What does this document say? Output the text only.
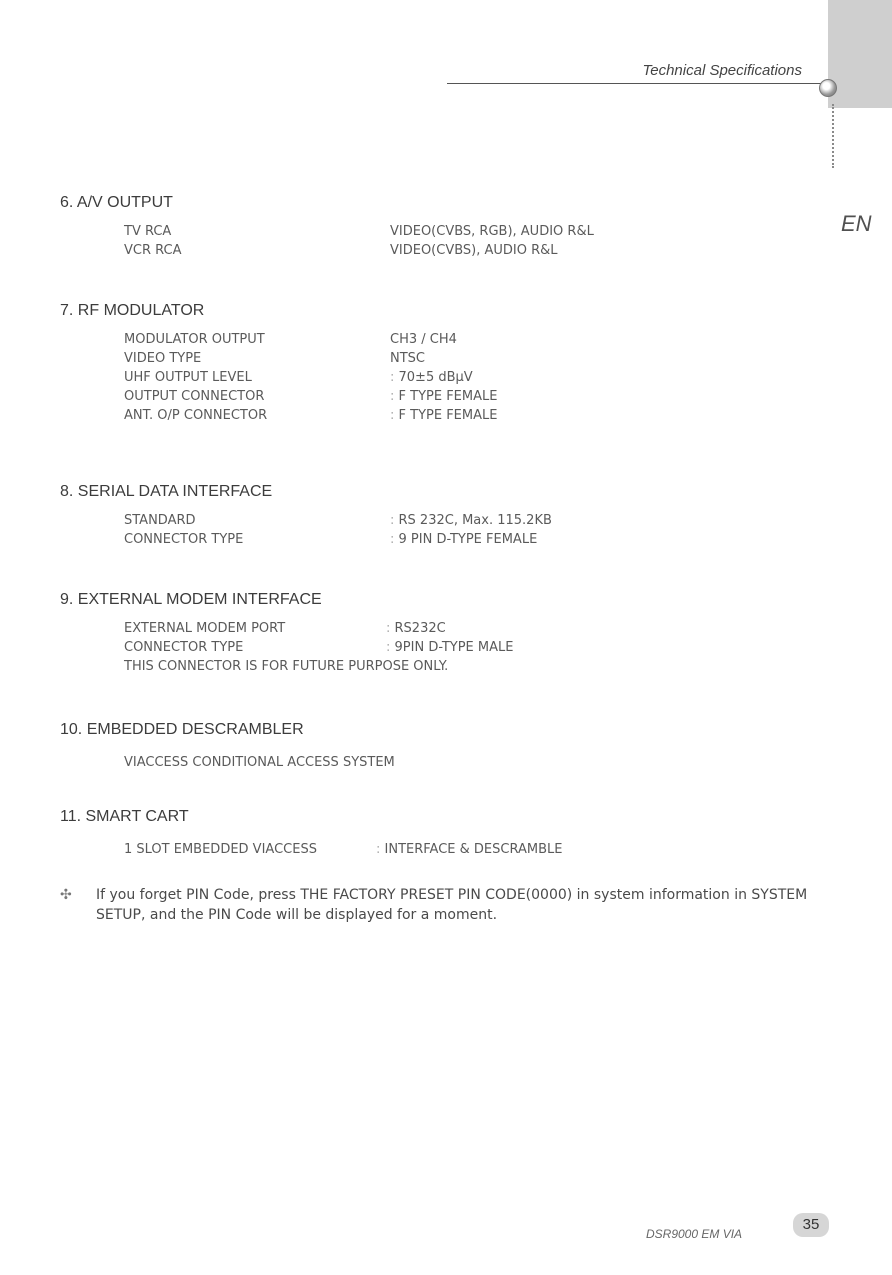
Technical Specifications
EN
6. A/V OUTPUT
TV RCA	VIDEO(CVBS, RGB), AUDIO R&L
VCR RCA	VIDEO(CVBS), AUDIO R&L
7. RF MODULATOR
MODULATOR OUTPUT	CH3 / CH4
VIDEO TYPE	NTSC
UHF OUTPUT LEVEL	: 70±5 dBμV
OUTPUT CONNECTOR	: F TYPE FEMALE
ANT. O/P CONNECTOR	: F TYPE FEMALE
8. SERIAL DATA INTERFACE
STANDARD	: RS 232C, Max. 115.2KB
CONNECTOR TYPE	: 9 PIN D-TYPE FEMALE
9. EXTERNAL MODEM INTERFACE
EXTERNAL MODEM PORT	: RS232C
CONNECTOR TYPE	: 9PIN D-TYPE MALE
THIS CONNECTOR IS FOR FUTURE PURPOSE ONLY.
10. EMBEDDED DESCRAMBLER
VIACCESS CONDITIONAL ACCESS SYSTEM
11. SMART CART
1 SLOT EMBEDDED VIACCESS	: INTERFACE & DESCRAMBLE
✣ If you forget PIN Code, press THE FACTORY PRESET PIN CODE(0000) in system information in SYSTEM SETUP, and the PIN Code will be displayed for a moment.
DSR9000 EM VIA
35
